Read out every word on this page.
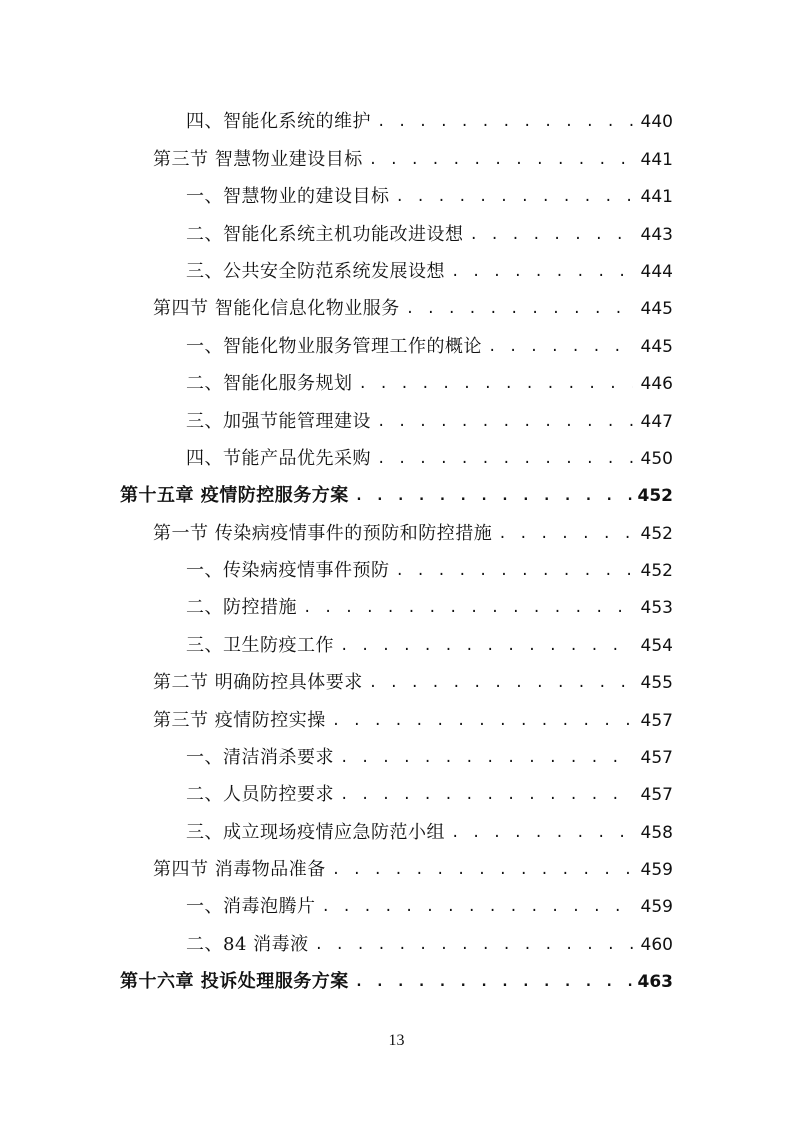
四、智能化系统的维护 . . .	440
第三节 智慧物业建设目标 . . .	441
一、智慧物业的建设目标 . . .	441
二、智能化系统主机功能改进设想 . . .	443
三、公共安全防范系统发展设想 . . .	444
第四节 智能化信息化物业服务 . . .	445
一、智能化物业服务管理工作的概论 . . .	445
二、智能化服务规划 . . .	446
三、加强节能管理建设 . . .	447
四、节能产品优先采购 . . .	450
第十五章 疫情防控服务方案 . . .	452
第一节 传染病疫情事件的预防和防控措施 . . .	452
一、传染病疫情事件预防 . . .	452
二、防控措施 . . .	453
三、卫生防疫工作 . . .	454
第二节 明确防控具体要求 . . .	455
第三节 疫情防控实操 . . .	457
一、清洁消杀要求 . . .	457
二、人员防控要求 . . .	457
三、成立现场疫情应急防范小组 . . .	458
第四节 消毒物品准备 . . .	459
一、消毒泡腾片 . . .	459
二、84 消毒液 . . .	460
第十六章 投诉处理服务方案 . . .	463
13
